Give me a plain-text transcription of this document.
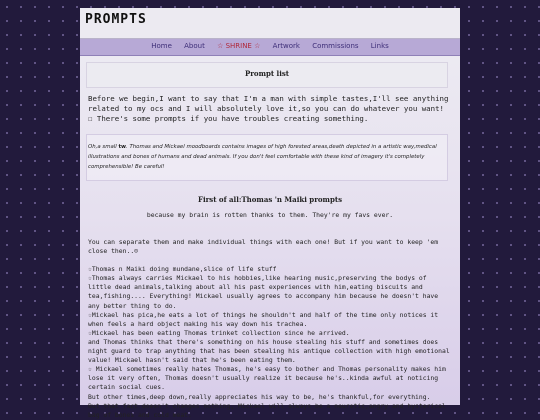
PROMPTS
Home About ☆ SHRINE ☆ Artwork Commissions Links
Prompt list
Before we begin,I want to say that I'm a man with simple tastes,I'll see anything related to my ocs and I will absolutely love it,so you can do whatever you want! ☐ There's some prompts if you have troubles creating something.
Oh,a small tw. Thomas and Mickael moodboards contains images of high forested areas,death depicted in a artistic way,medical illustrations and bones of humans and dead animals. If you don't feel comfortable with these kind of imagery it's completely comprehensible! Be careful!
First of all:Thomas 'n Maiki prompts
because my brain is rotten thanks to them. They're my favs ever.

You can separate them and make individual things with each one! But if you want to keep 'em close then..☺

☆Thomas n Maiki doing mundane,slice of life stuff

☆Thomas always carries Mickael to his hobbies,like hearing music,preserving the bodys of little dead animals,talking about all his past experiences with him,eating biscuits and tea,fishing.... Everything! Mickael usually agrees to accompany him because he doesn't have any better thing to do.

☆Mickael has pica,he eats a lot of things he shouldn't and half of the time only notices it when feels a hard object making his way down his trachea.

☆Mickael has been eating Thomas trinket collection since he arrived.

and Thomas thinks that there's something on his house stealing his stuff and sometimes does night guard to trap anything that has been stealing his antique collection with high emotional value! Mickael hasn't said that he's been eating them.

☆ Mickael sometimes really hates Thomas, he's easy to bother and Thomas personality makes him lose it very often, Thomas doesn't usually realize it because he's..kinda awful at noticing certain social cues.

But other times,deep down,really appreciates his way to be, he's thankful,for everything.

But that fact doesn't changes nothing, Mickael will always be a neurotic,angry and hysterical bag of bones and cold meat.
